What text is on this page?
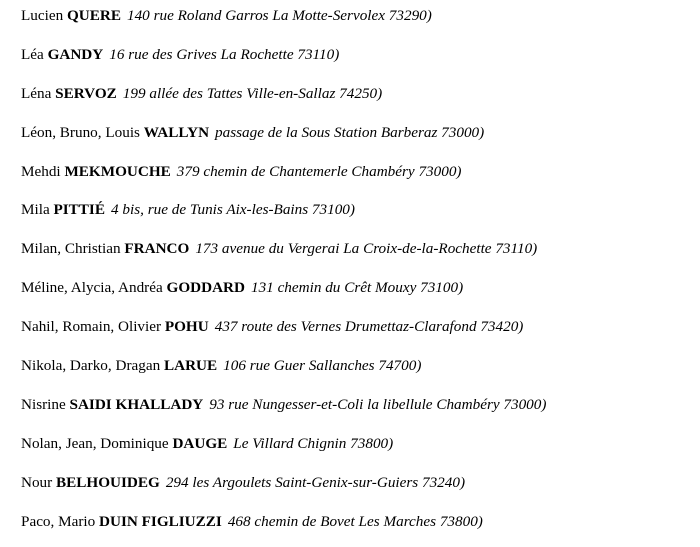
Lucien QUERE 140 rue Roland Garros La Motte-Servolex 73290)
Léa GANDY 16 rue des Grives La Rochette 73110)
Léna SERVOZ 199 allée des Tattes Ville-en-Sallaz 74250)
Léon, Bruno, Louis WALLYN passage de la Sous Station Barberaz 73000)
Mehdi MEKMOUCHE 379 chemin de Chantemerle Chambéry 73000)
Mila PITTIÉ 4 bis, rue de Tunis Aix-les-Bains 73100)
Milan, Christian FRANCO 173 avenue du Vergerai La Croix-de-la-Rochette 73110)
Méline, Alycia, Andréa GODDARD 131 chemin du Crêt Mouxy 73100)
Nahil, Romain, Olivier POHU 437 route des Vernes Drumettaz-Clarafond 73420)
Nikola, Darko, Dragan LARUE 106 rue Guer Sallanches 74700)
Nisrine SAIDI KHALLADY 93 rue Nungesser-et-Coli la libellule Chambéry 73000)
Nolan, Jean, Dominique DAUGE Le Villard Chignin 73800)
Nour BELHOUIDEG 294 les Argoulets Saint-Genix-sur-Guiers 73240)
Paco, Mario DUIN FIGLIUZZI 468 chemin de Bovet Les Marches 73800)
